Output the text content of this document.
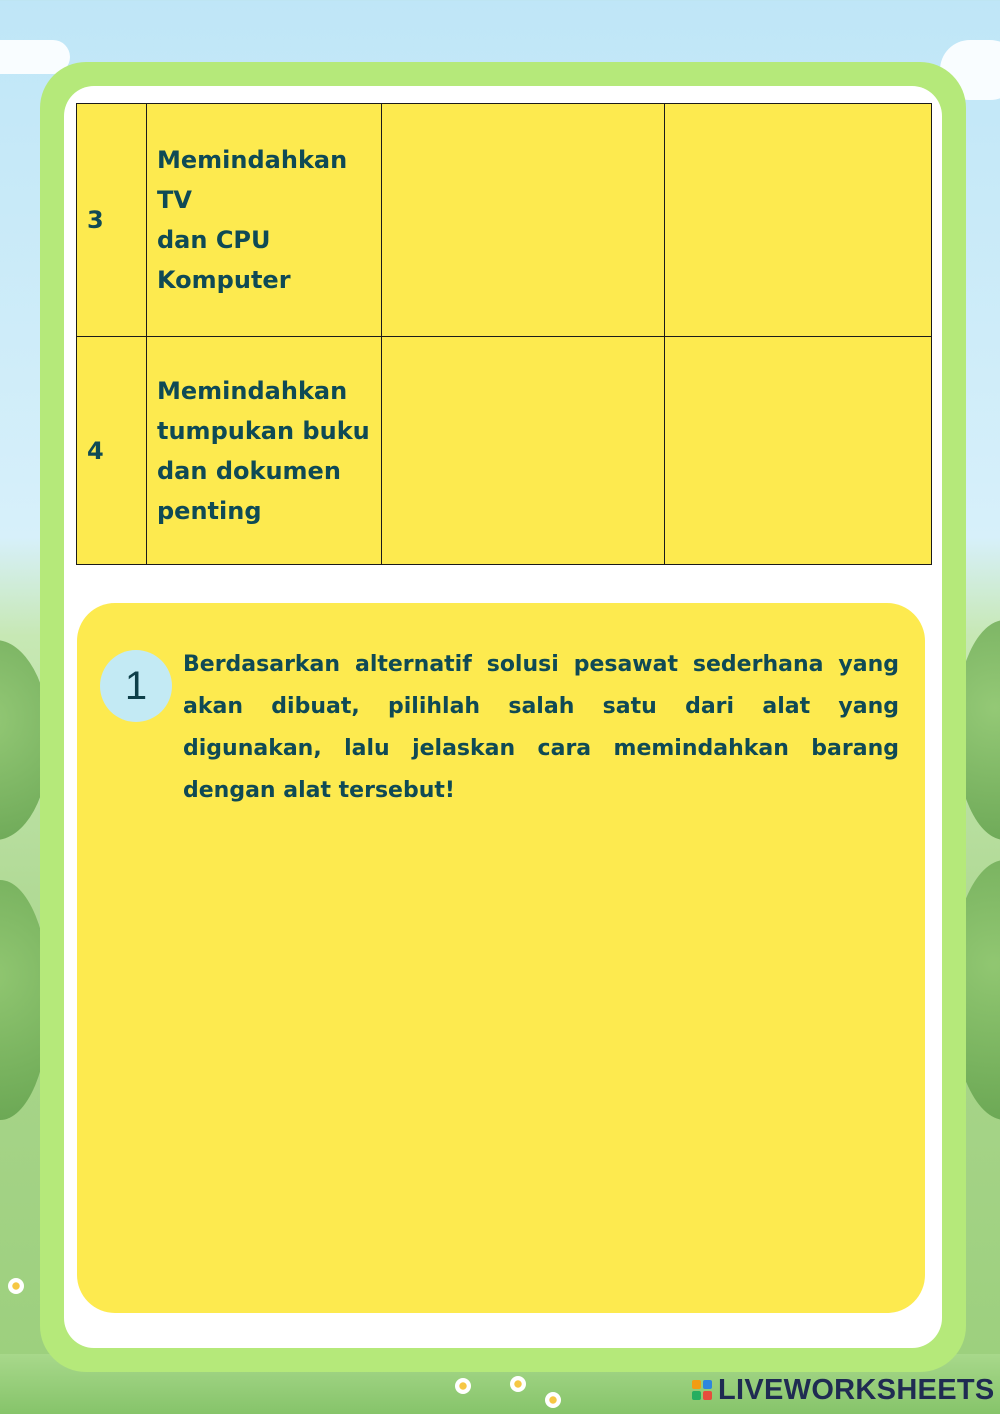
3	Memindahkan TV
dan CPU Komputer		

4	Memindahkan
tumpukan buku
dan dokumen
penting		

1	Berdasarkan alternatif solusi pesawat sederhana yang akan dibuat, pilihlah salah satu dari alat yang digunakan, lalu jelaskan cara memindahkan barang dengan alat tersebut!
LIVEWORKSHEETS
